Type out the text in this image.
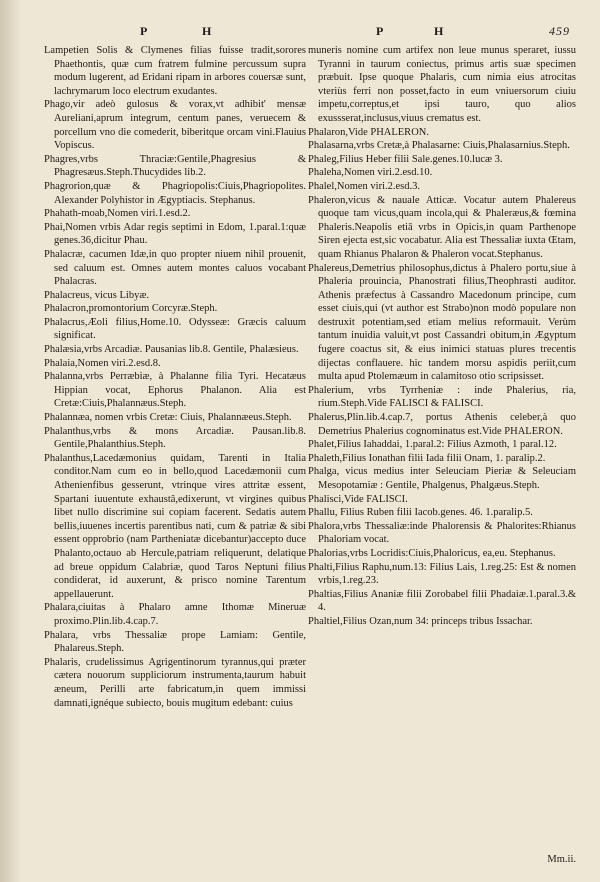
P	H	P	H	459

Lampetien Solis & Clymenes filias fuisse tradit,sorores Phaethontis, quæ cum fratrem fulmine percussum supra modum lugerent, ad Eridani ripam in arbores couersæ sunt, lachrymarum loco electrum exudantes.

Phago,vir adeò gulosus & vorax,vt adhibit' mensæ Aureliani,aprum integrum, centum panes, veruecem & porcellum vno die comederit, biberitque orcam vini.Flauius Vopiscus.

Phagres,vrbs Thraciæ:Gentile,Phagresius & Phagresæus.Steph.Thucydides lib.2.

Phagrorion,quæ & Phagriopolis:Ciuis,Phagriopolites. Alexander Polyhistor in Ægyptiacis. Stephanus.

Phahath-moab,Nomen viri.1.esd.2.

Phai,Nomen vrbis Adar regis septimi in Edom, 1.paral.1:quæ genes.36,dicitur Phau.

Phalacræ, cacumen Idæ,in quo propter niuem nihil prouenit, sed caluum est. Omnes autem montes caluos vocabant Phalacras.

Phalacreus, vicus Libyæ.

Phalacron,promontorium Corcyræ.Steph.

Phalacrus,Æoli filius,Home.10. Odysseæ: Græcis caluum significat.

Phalæsia,vrbs Arcadiæ. Pausanias lib.8. Gentile, Phalæsieus.

Phalaia,Nomen viri.2.esd.8.

Phalanna,vrbs Perræbiæ, à Phalanne filia Tyri. Hecatæus Hippian vocat, Ephorus Phalanon. Alia est Cretæ:Ciuis,Phalannæus.Steph.

Phalannæa, nomen vrbis Cretæ: Ciuis, Phalannæeus.Steph.

Phalanthus,vrbs & mons Arcadiæ. Pausan.lib.8. Gentile,Phalanthius.Steph.

Phalanthus,Lacedæmonius quidam, Tarenti in Italia conditor.Nam cum eo in bello,quod Lacedæmonii cum Athenienfibus gesserunt, vtrinque vires attritæ essent, Spartani iuuentute exhaustâ,edixerunt, vt virgines quibus libet nullo discrimine sui copiam facerent. Sedatis autem bellis,iuuenes incertis parentibus nati, cum & patriæ & sibi essent opprobrio (nam Partheniatæ dicebantur)accepto duce Phalanto,octauo ab Hercule,patriam reliquerunt, delatique ad breue oppidum Calabriæ, quod Taros Neptuni filius condiderat, id auxerunt, & prisco nomine Tarentum appellauerunt.

Phalara,ciuitas à Phalaro amne Ithomæ Mineruæ proximo.Plin.lib.4.cap.7.

Phalara, vrbs Thessaliæ prope Lamiam: Gentile, Phalareus.Steph.

Phalaris, crudelissimus Agrigentinorum tyrannus,qui præter cætera nouorum suppliciorum instrumenta,taurum habuit æneum, Perilli arte fabricatum,in quem immissi damnati,ignéque subiecto, bouis mugitum edebant: cuius

muneris nomine cum artifex non leue munus speraret, iussu Tyranni in taurum coniectus, primus artis suæ specimen præbuit. Ipse quoque Phalaris, cum nimia eius atrocitas vteriùs ferri non posset,facto in eum vniuersorum ciuiu impetu,correptus,et ipsi tauro, quo alios exussserat,inclusus,viuus crematus est.

Phalaron,Vide PHALERON.

Phalasarna,vrbs Cretæ,à Phalasarne: Ciuis,Phalasarnius.Steph.

Phaleg,Filius Heber filii Sale.genes.10.lucæ 3.

Phaleha,Nomen viri.2.esd.10.

Phalel,Nomen viri.2.esd.3.

Phaleron,vicus & nauale Atticæ. Vocatur autem Phalereus quoque tam vicus,quam incola,qui & Phaleræus,& fœmina Phaleris.Neapolis etiā vrbs in Opicis,in quam Parthenope Siren ejecta est,sic vocabatur. Alia est Thessaliæ iuxta Œtam, quam Rhianus Phalaron & Phaleron vocat.Stephanus.

Phalereus,Demetrius philosophus,dictus à Phalero portu,siue à Phaleria prouincia, Phanostrati filius,Theophrasti auditor. Athenis præfectus à Cassandro Macedonum principe, cum esset ciuis,qui (vt author est Strabo)non modò populare non destruxit potentiam,sed etiam melius reformauit. Verùm tantum inuidia valuit,vt post Cassandri obitum,in Ægyptum fugere coactus sit, & eius inimici statuas plures trecentis dijectas conflauere. hic tandem morsu aspidis periit,cum multa apud Ptolemæum in calamitoso otio scripsisset.

Phalerium, vrbs Tyrrheniæ : inde Phalerius, ria, rium.Steph.Vide FALISCI & FALISCI.

Phalerus,Plin.lib.4.cap.7, portus Athenis celeber,à quo Demetrius Phalerius cognominatus est.Vide PHALERON.

Phalet,Filius Iahaddai, 1.paral.2: Filius Azmoth, 1 paral.12.

Phaleth,Filius Ionathan filii Iada filii Onam, 1. paralip.2.

Phalga, vicus medius inter Seleuciam Pieriæ & Seleuciam Mesopotamiæ : Gentile, Phalgenus, Phalgæus.Steph.

Phalisci,Vide FALISCI.

Phallu, Filius Ruben filii Iacob.genes. 46. 1.paralip.5.

Phalora,vrbs Thessaliæ:inde Phalorensis & Phalorites:Rhianus Phaloriam vocat.

Phalorias,vrbs Locridis:Ciuis,Phaloricus, ea,eu. Stephanus.

Phalti,Filius Raphu,num.13: Filius Lais, 1.reg.25: Est & nomen vrbis,1.reg.23.

Phaltias,Filius Ananiæ filii Zorobabel filii Phadaiæ.1.paral.3.& 4.

Phaltiel,Filius Ozan,num 34: princeps tribus Issachar.

Mm.ii.
